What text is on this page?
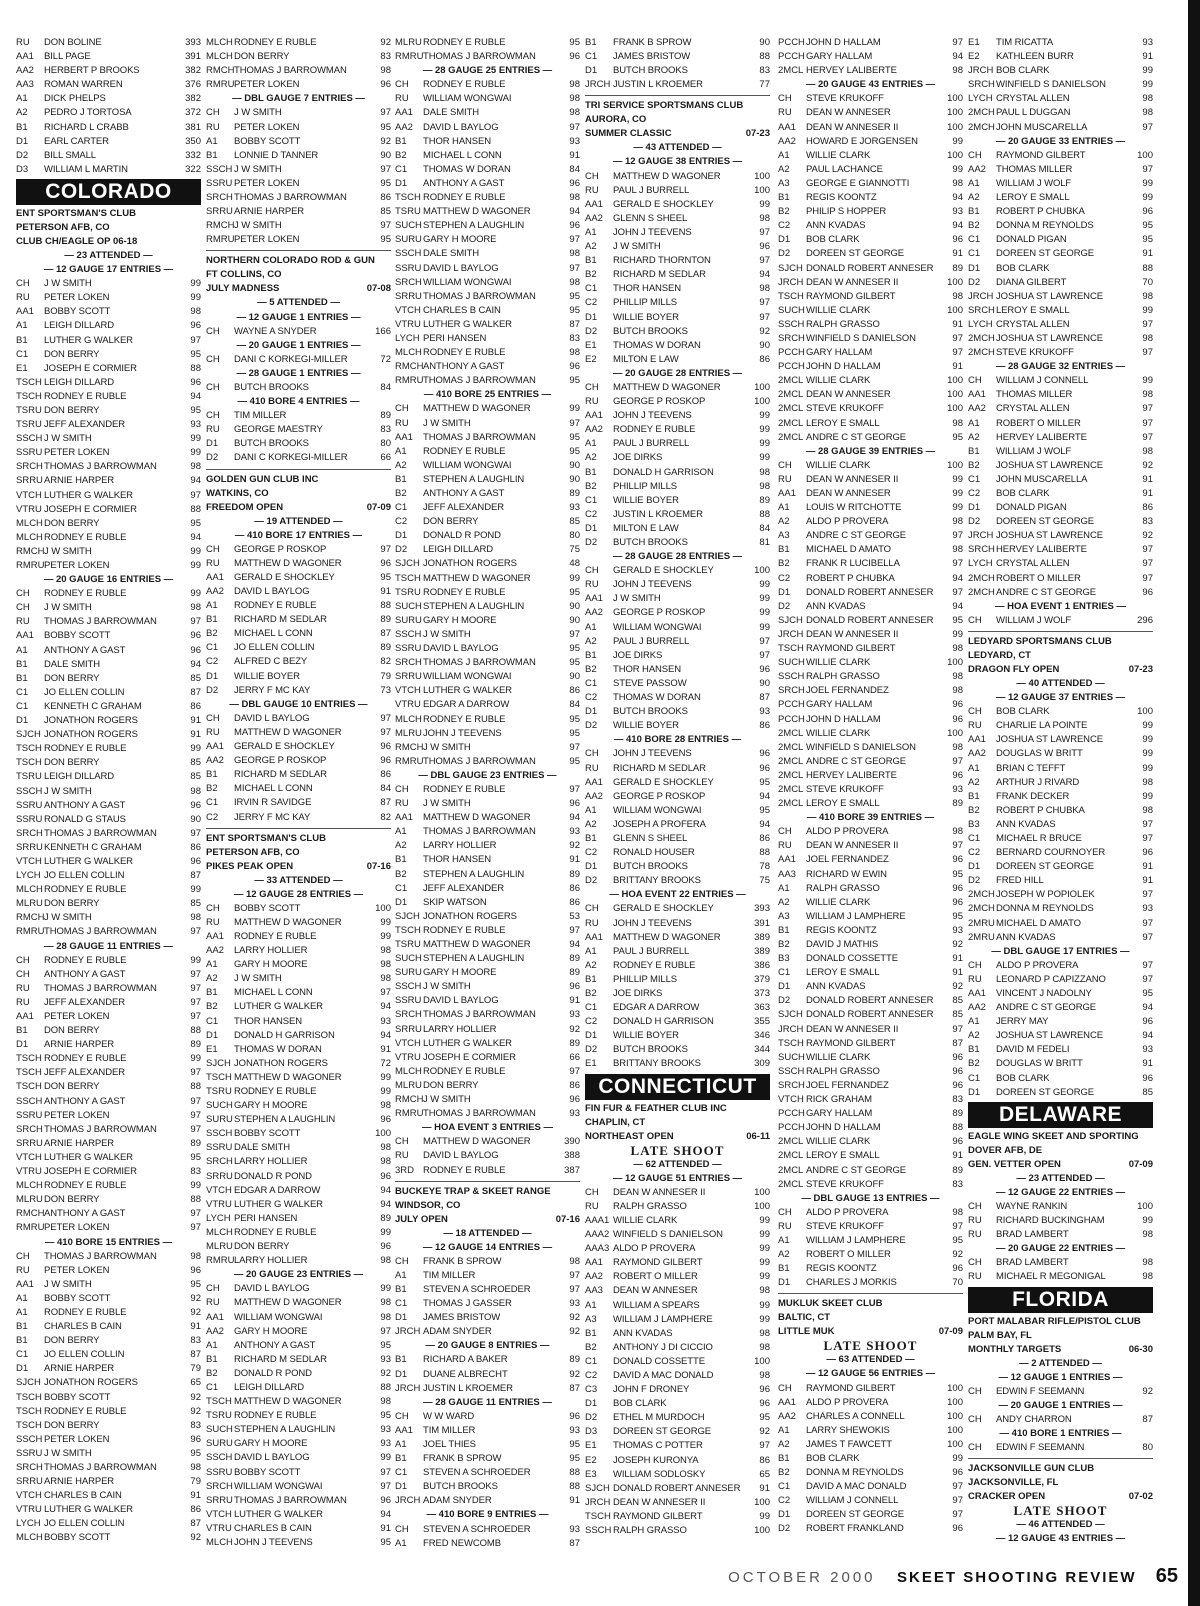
RU	DON BOLINE	393
AA1	BILL PAGE	391
AA2	HERBERT P BROOKS	382
AA3	ROMAN WARREN	376
A1	DICK PHELPS	382
A2	PEDRO J TORTOSA	372
B1	RICHARD L CRABB	381
D1	EARL CARTER	350
D2	BILL SMALL	332
D3	WILLIAM L MARTIN	322
COLORADO
ENT SPORTSMAN'S CLUB
PETERSON AFB, CO
CLUB CH/EAGLE OP 06-18
— 23 ATTENDED —
— 12 GAUGE 17 ENTRIES —
CH	J W SMITH	99
RU	PETER LOKEN	99
AA1	BOBBY SCOTT	98
A1	LEIGH DILLARD	96
B1	LUTHER G WALKER	97
C1	DON BERRY	95
E1	JOSEPH E CORMIER	88
TSCH LEIGH DILLARD	96
TSCH RODNEY E RUBLE	94
TSRU DON BERRY	95
TSRU JEFF ALEXANDER	93
SSCH J W SMITH	99
SSRU PETER LOKEN	99
SRCH THOMAS J BARROWMAN	98
SRRU ARNIE HARPER	94
VTCH LUTHER G WALKER	97
VTRU JOSEPH E CORMIER	88
MLCH DON BERRY	95
MLCH RODNEY E RUBLE	94
RMCH J W SMITH	99
RMRU PETER LOKEN	99
— 20 GAUGE 16 ENTRIES —
CH	RODNEY E RUBLE	99
CH	J W SMITH	98
RU	THOMAS J BARROWMAN	97
AA1	BOBBY SCOTT	96
A1	ANTHONY A GAST	96
B1	DALE SMITH	94
B1	DON BERRY	85
C1	JO ELLEN COLLIN	87
C1	KENNETH C GRAHAM	86
D1	JONATHON ROGERS	91
SJCH JONATHON ROGERS	91
TSCH RODNEY E RUBLE	99
TSCH DON BERRY	85
TSRU LEIGH DILLARD	85
SSCH J W SMITH	98
SSRU ANTHONY A GAST	96
SSRU RONALD G STAUS	90
SRCH THOMAS J BARROWMAN	97
SRRU KENNETH C GRAHAM	86
VTCH LUTHER G WALKER	96
LYCH JO ELLEN COLLIN	87
MLCH RODNEY E RUBLE	99
MLRU DON BERRY	85
RMCH J W SMITH	98
RMRU THOMAS J BARROWMAN	97
— 28 GAUGE 11 ENTRIES —
CH	RODNEY E RUBLE	99
CH	ANTHONY A GAST	97
RU	THOMAS J BARROWMAN	97
RU	JEFF ALEXANDER	97
AA1	PETER LOKEN	97
B1	DON BERRY	88
D1	ARNIE HARPER	89
TSCH RODNEY E RUBLE	99
TSCH JEFF ALEXANDER	97
TSCH DON BERRY	88
SSCH ANTHONY A GAST	97
SSRU PETER LOKEN	97
SRCH THOMAS J BARROWMAN	97
SRRU ARNIE HARPER	89
VTCH LUTHER G WALKER	95
VTRU JOSEPH E CORMIER	83
MLCH RODNEY E RUBLE	99
MLRU DON BERRY	88
RMCH ANTHONY A GAST	97
RMRU PETER LOKEN	97
— 410 BORE 15 ENTRIES —
CH	THOMAS J BARROWMAN	98
RU	PETER LOKEN	96
AA1	J W SMITH	95
A1	BOBBY SCOTT	92
A1	RODNEY E RUBLE	92
B1	CHARLES B CAIN	91
B1	DON BERRY	83
C1	JO ELLEN COLLIN	87
D1	ARNIE HARPER	79
SJCH JONATHON ROGERS	65
TSCH BOBBY SCOTT	92
TSCH RODNEY E RUBLE	92
TSCH DON BERRY	83
SSCH PETER LOKEN	96
SSRU J W SMITH	95
SRCH THOMAS J BARROWMAN	98
SRRU ARNIE HARPER	79
VTCH CHARLES B CAIN	91
VTRU LUTHER G WALKER	86
LYCH JO ELLEN COLLIN	87
MLCH BOBBY SCOTT	92
MLCH RODNEY E RUBLE	92
MLCH DON BERRY	83
RMCH THOMAS J BARROWMAN	98
RMRU PETER LOKEN	96
— DBL GAUGE 7 ENTRIES —
CH	J W SMITH	97
RU	PETER LOKEN	95
A1	BOBBY SCOTT	92
B1	LONNIE D TANNER	90
SSCH J W SMITH	97
SSRU PETER LOKEN	95
SRCH THOMAS J BARROWMAN	86
SRRU ARNIE HARPER	85
RMCH J W SMITH	97
RMRU PETER LOKEN	95
NORTHERN COLORADO ROD & GUN
FT COLLINS, CO
JULY MADNESS	07-08
— 5 ATTENDED —
— 12 GAUGE 1 ENTRIES —
CH	WAYNE A SNYDER	166
— 20 GAUGE 1 ENTRIES —
CH	DANI C KORKEGI-MILLER	72
— 28 GAUGE 1 ENTRIES —
CH	BUTCH BROOKS	84
— 410 BORE 4 ENTRIES —
CH	TIM MILLER	89
RU	GEORGE MAESTRY	83
D1	BUTCH BROOKS	80
D2	DANI C KORKEGI-MILLER	66
GOLDEN GUN CLUB INC
WATKINS, CO
FREEDOM OPEN	07-09
— 19 ATTENDED —
— 410 BORE 17 ENTRIES —
CH	GEORGE P ROSKOP	97
RU	MATTHEW D WAGONER	96
AA1	GERALD E SHOCKLEY	95
AA2	DAVID L BAYLOG	91
A1	RODNEY E RUBLE	88
B1	RICHARD M SEDLAR	89
B2	MICHAEL L CONN	87
C1	JO ELLEN COLLIN	89
C2	ALFRED C BEZY	82
D1	WILLIE BOYER	79
D2	JERRY F MC KAY	73
— DBL GAUGE 10 ENTRIES —
CH	DAVID L BAYLOG	97
RU	MATTHEW D WAGONER	97
AA1	GERALD E SHOCKLEY	96
AA2	GEORGE P ROSKOP	96
B1	RICHARD M SEDLAR	86
B2	MICHAEL L CONN	84
C1	IRVIN R SAVIDGE	87
C2	JERRY F MC KAY	82
ENT SPORTSMAN'S CLUB
PETERSON AFB, CO
PIKES PEAK OPEN	07-16
— 33 ATTENDED —
— 12 GAUGE 28 ENTRIES —
CH	BOBBY SCOTT	100
RU	MATTHEW D WAGONER	99
AA1	RODNEY E RUBLE	99
AA2	LARRY HOLLIER	98
A1	GARY H MOORE	98
A2	J W SMITH	98
B1	MICHAEL L CONN	97
B2	LUTHER G WALKER	94
C1	THOR HANSEN	93
D1	DONALD H GARRISON	94
E1	THOMAS W DORAN	91
SJCH JONATHON ROGERS	72
TSCH MATTHEW D WAGONER	99
TSRU RODNEY E RUBLE	99
SUCH GARY H MOORE	98
SURU STEPHEN A LAUGHLIN	96
SSCH BOBBY SCOTT	100
SSRU DALE SMITH	98
SRCH LARRY HOLLIER	98
SRRU DONALD R POND	96
VTCH EDGAR A DARROW	94
VTRU LUTHER G WALKER	94
LYCH PERI HANSEN	89
MLCH RODNEY E RUBLE	99
MLRU DON BERRY	96
RMRU LARRY HOLLIER	98
— 20 GAUGE 23 ENTRIES —
CH	DAVID L BAYLOG	99
RU	MATTHEW D WAGONER	98
AA1	WILLIAM WONGWAI	98
AA2	GARY H MOORE	97
A1	ANTHONY A GAST	95
B1	RICHARD M SEDLAR	93
B2	DONALD R POND	92
C1	LEIGH DILLARD	88
TSCH MATTHEW D WAGONER	98
TSRU RODNEY E RUBLE	95
SUCH STEPHEN A LAUGHLIN	93
SURU GARY H MOORE	93
SSCH DAVID L BAYLOG	99
SSRU BOBBY SCOTT	97
SRCH WILLIAM WONGWAI	97
SRRU THOMAS J BARROWMAN	96
VTCH LUTHER G WALKER	94
VTRU CHARLES B CAIN	91
MLCH JOHN J TEEVENS	95
MLRU RODNEY E RUBLE	95
RMRU THOMAS J BARROWMAN	96
— 28 GAUGE 25 ENTRIES —
CH	RODNEY E RUBLE	98
RU	WILLIAM WONGWAI	98
AA1	DALE SMITH	98
AA2	DAVID L BAYLOG	97
B1	THOR HANSEN	93
B2	MICHAEL L CONN	91
C1	THOMAS W DORAN	84
D1	ANTHONY A GAST	96
TSCH RODNEY E RUBLE	98
TSRU MATTHEW D WAGONER	94
SUCH STEPHEN A LAUGHLIN	96
SURU GARY H MOORE	97
SSCH DALE SMITH	98
SSRU DAVID L BAYLOG	97
SRCH WILLIAM WONGWAI	98
SRRU THOMAS J BARROWMAN	95
VTCH CHARLES B CAIN	95
VTRU LUTHER G WALKER	87
LYCH PERI HANSEN	83
MLCH RODNEY E RUBLE	98
RMCH ANTHONY A GAST	96
RMRU THOMAS J BARROWMAN	95
— 410 BORE 25 ENTRIES —
CH	MATTHEW D WAGONER	99
RU	J W SMITH	97
AA1	THOMAS J BARROWMAN	95
A1	RODNEY E RUBLE	95
A2	WILLIAM WONGWAI	90
B1	STEPHEN A LAUGHLIN	90
B2	ANTHONY A GAST	89
C1	JEFF ALEXANDER	93
C2	DON BERRY	85
D1	DONALD R POND	80
D2	LEIGH DILLARD	75
SJCH JONATHON ROGERS	48
TSCH MATTHEW D WAGONER	99
TSRU RODNEY E RUBLE	95
SUCH STEPHEN A LAUGHLIN	90
SURU GARY H MOORE	90
SSCH J W SMITH	97
SSRU DAVID L BAYLOG	95
SRCH THOMAS J BARROWMAN	95
SRRU WILLIAM WONGWAI	90
VTCH LUTHER G WALKER	86
VTRU EDGAR A DARROW	84
MLCH RODNEY E RUBLE	95
MLRU JOHN J TEEVENS	95
RMCH J W SMITH	97
RMRU THOMAS J BARROWMAN	95
— DBL GAUGE 23 ENTRIES —
CH	RODNEY E RUBLE	97
RU	J W SMITH	96
AA1	MATTHEW D WAGONER	94
A1	THOMAS J BARROWMAN	93
A2	LARRY HOLLIER	92
B1	THOR HANSEN	91
B2	STEPHEN A LAUGHLIN	89
C1	JEFF ALEXANDER	86
D1	SKIP WATSON	86
SJCH JONATHON ROGERS	53
TSCH RODNEY E RUBLE	97
TSRU MATTHEW D WAGONER	94
SUCH STEPHEN A LAUGHLIN	89
SURU GARY H MOORE	89
SSCH J W SMITH	96
SSRU DAVID L BAYLOG	91
SRCH THOMAS J BARROWMAN	93
SRRU LARRY HOLLIER	92
VTCH LUTHER G WALKER	89
VTRU JOSEPH E CORMIER	66
MLCH RODNEY E RUBLE	97
MLRU DON BERRY	86
RMCH J W SMITH	96
RMRU THOMAS J BARROWMAN	93
— HOA EVENT 3 ENTRIES —
CH	MATTHEW D WAGONER	390
RU	DAVID L BAYLOG	388
3RD RODNEY E RUBLE	387
BUCKEYE TRAP & SKEET RANGE
WINDSOR, CO
JULY OPEN	07-16
— 18 ATTENDED —
— 12 GAUGE 14 ENTRIES —
CH	FRANK B SPROW	98
A1	TIM MILLER	97
B1	STEVEN A SCHROEDER	97
C1	THOMAS J GASSER	93
D1	JAMES BRISTOW	92
JRCH ADAM SNYDER	92
— 20 GAUGE 8 ENTRIES —
B1	RICHARD A BAKER	89
D1	DUANE ALBRECHT	92
JRCH JUSTIN L KROEMER	87
— 28 GAUGE 11 ENTRIES —
CH	W W WARD	96
AA1	TIM MILLER	93
A1	JOEL THIES	95
B1	FRANK B SPROW	95
C1	STEVEN A SCHROEDER	88
D1	BUTCH BROOKS	88
JRCH ADAM SNYDER	91
— 410 BORE 9 ENTRIES —
CH	STEVEN A SCHROEDER	93
A1	FRED NEWCOMB	87
B1	FRANK B SPROW	90
C1	JAMES BRISTOW	88
D1	BUTCH BROOKS	83
JRCH JUSTIN L KROEMER	77
TRI SERVICE SPORTSMANS CLUB
AURORA, CO
SUMMER CLASSIC	07-23
— 43 ATTENDED —
— 12 GAUGE 38 ENTRIES —
CH	MATTHEW D WAGONER	100
RU	PAUL J BURRELL	100
AA1	GERALD E SHOCKLEY	99
AA2	GLENN S SHEEL	98
A1	JOHN J TEEVENS	97
A2	J W SMITH	96
B1	RICHARD THORNTON	97
B2	RICHARD M SEDLAR	94
C1	THOR HANSEN	98
C2	PHILLIP MILLS	97
D1	WILLIE BOYER	97
D2	BUTCH BROOKS	92
E1	THOMAS W DORAN	90
E2	MILTON E LAW	86
— 20 GAUGE 28 ENTRIES —
CH	MATTHEW D WAGONER	100
RU	GEORGE P ROSKOP	100
AA1	JOHN J TEEVENS	99
AA2	RODNEY E RUBLE	99
A1	PAUL J BURRELL	99
A2	JOE DIRKS	99
B1	DONALD H GARRISON	98
B2	PHILLIP MILLS	98
C1	WILLIE BOYER	89
C2	JUSTIN L KROEMER	88
D1	MILTON E LAW	84
D2	BUTCH BROOKS	81
— 28 GAUGE 28 ENTRIES —
CH	GERALD E SHOCKLEY	100
RU	JOHN J TEEVENS	99
AA1	J W SMITH	99
AA2	GEORGE P ROSKOP	99
A1	WILLIAM WONGWAI	99
A2	PAUL J BURRELL	97
B1	JOE DIRKS	97
B2	THOR HANSEN	96
C1	STEVE PASSOW	90
C2	THOMAS W DORAN	87
D1	BUTCH BROOKS	93
D2	WILLIE BOYER	86
— 410 BORE 28 ENTRIES —
CH	JOHN J TEEVENS	96
RU	RICHARD M SEDLAR	96
AA1	GERALD E SHOCKLEY	95
AA2	GEORGE P ROSKOP	94
A1	WILLIAM WONGWAI	95
A2	JOSEPH A PROFERA	94
B1	GLENN S SHEEL	86
C2	RONALD HOUSER	88
D1	BUTCH BROOKS	78
D2	BRITTANY BROOKS	75
— HOA EVENT 22 ENTRIES —
CH	GERALD E SHOCKLEY	393
RU	JOHN J TEEVENS	391
AA1	MATTHEW D WAGONER	389
A1	PAUL J BURRELL	389
A2	RODNEY E RUBLE	386
B1	PHILLIP MILLS	379
B2	JOE DIRKS	373
C1	EDGAR A DARROW	363
C2	DONALD H GARRISON	355
D1	WILLIE BOYER	346
D2	BUTCH BROOKS	344
E1	BRITTANY BROOKS	309
CONNECTICUT
FIN FUR & FEATHER CLUB INC
CHAPLIN, CT
NORTHEAST OPEN	06-11
LATE SHOOT
— 62 ATTENDED —
— 12 GAUGE 51 ENTRIES —
CH	DEAN W ANNESER II	100
RU	RALPH GRASSO	100
AAA1 WILLIE CLARK	99
AAA2 WINFIELD S DANIELSON	99
AAA3 ALDO P PROVERA	99
AA1	RAYMOND GILBERT	99
AA2	ROBERT O MILLER	99
AA3	DEAN W ANNESER	98
A1	WILLIAM A SPEARS	99
A3	WILLIAM J LAMPHERE	99
B1	ANN KVADAS	98
B2	ANTHONY J DI CICCIO	98
C1	DONALD COSSETTE	100
C2	DAVID A MAC DONALD	98
C3	JOHN F DRONEY	96
D1	BOB CLARK	96
D2	ETHEL M MURDOCH	95
D3	DOREEN ST GEORGE	92
E1	THOMAS C POTTER	97
E2	JOSEPH KURONYA	86
E3	WILLIAM SODLOSKY	65
SJCH DONALD ROBERT ANNESER	91
JRCH DEAN W ANNESER II	100
TSCH RAYMOND GILBERT	99
SSCH RALPH GRASSO	100
PCCH JOHN D HALLAM	97
PCCH GARY HALLAM	94
2MCL HERVEY LALIBERTE	98
— 20 GAUGE 43 ENTRIES —
CH	STEVE KRUKOFF	100
RU	DEAN W ANNESER	100
AA1	DEAN W ANNESER II	100
AA2	HOWARD E JORGENSEN	99
A1	WILLIE CLARK	100
A2	PAUL LACHANCE	99
A3	GEORGE E GIANNOTTI	98
B1	REGIS KOONTZ	94
B2	PHILIP S HOPPER	93
C2	ANN KVADAS	94
D1	BOB CLARK	96
D2	DOREEN ST GEORGE	91
SJCH DONALD ROBERT ANNESER	89
JRCH DEAN W ANNESER II	100
TSCH RAYMOND GILBERT	98
SUCH WILLIE CLARK	100
SSCH RALPH GRASSO	91
SRCH WINFIELD S DANIELSON	97
PCCH GARY HALLAM	97
PCCH JOHN D HALLAM	91
2MCL WILLIE CLARK	100
2MCL DEAN W ANNESER	100
2MCL STEVE KRUKOFF	100
2MCL LEROY E SMALL	98
2MCL ANDRE C ST GEORGE	95
— 28 GAUGE 39 ENTRIES —
CH	WILLIE CLARK	100
RU	DEAN W ANNESER II	99
AA1	DEAN W ANNESER	99
A1	LOUIS W RITCHOTTE	99
A2	ALDO P PROVERA	98
A3	ANDRE C ST GEORGE	97
B1	MICHAEL D AMATO	98
B2	FRANK R LUCIBELLA	97
C2	ROBERT P CHUBKA	94
D1	DONALD ROBERT ANNESER	97
D2	ANN KVADAS	94
SJCH DONALD ROBERT ANNESER	95
JRCH DEAN W ANNESER II	99
TSCH RAYMOND GILBERT	98
SUCH WILLIE CLARK	100
SSCH RALPH GRASSO	98
SRCH JOEL FERNANDEZ	98
PCCH GARY HALLAM	96
PCCH JOHN D HALLAM	96
2MCL WILLIE CLARK	100
2MCL WINFIELD S DANIELSON	98
2MCL ANDRE C ST GEORGE	97
2MCL HERVEY LALIBERTE	96
2MCL STEVE KRUKOFF	93
2MCL LEROY E SMALL	89
— 410 BORE 39 ENTRIES —
CH	ALDO P PROVERA	98
RU	DEAN W ANNESER II	97
AA1	JOEL FERNANDEZ	96
AA3	RICHARD W EWIN	95
A1	RALPH GRASSO	96
A2	WILLIE CLARK	96
A3	WILLIAM J LAMPHERE	95
B1	REGIS KOONTZ	93
B2	DAVID J MATHIS	92
B3	DONALD COSSETTE	91
C1	LEROY E SMALL	91
D1	ANN KVADAS	92
D2	DONALD ROBERT ANNESER	85
SJCH DONALD ROBERT ANNESER	85
JRCH DEAN W ANNESER II	97
TSCH RAYMOND GILBERT	87
SUCH WILLIE CLARK	96
SSCH RALPH GRASSO	96
SRCH JOEL FERNANDEZ	96
VTCH RICK GRAHAM	83
PCCH GARY HALLAM	89
PCCH JOHN D HALLAM	88
2MCL WILLIE CLARK	96
2MCL LEROY E SMALL	91
2MCL ANDRE C ST GEORGE	89
2MCL STEVE KRUKOFF	83
— DBL GAUGE 13 ENTRIES —
CH	ALDO P PROVERA	98
RU	STEVE KRUKOFF	97
A1	WILLIAM J LAMPHERE	95
A2	ROBERT O MILLER	92
B1	REGIS KOONTZ	96
D1	CHARLES J MORKIS	70
MUKLUK SKEET CLUB
BALTIC, CT
LITTLE MUK	07-09
LATE SHOOT
— 63 ATTENDED —
— 12 GAUGE 56 ENTRIES —
CH	RAYMOND GILBERT	100
AA1	ALDO P PROVERA	100
AA2	CHARLES A CONNELL	100
A1	LARRY SHEWOKIS	100
A2	JAMES T FAWCETT	100
B1	BOB CLARK	99
B2	DONNA M REYNOLDS	96
C1	DAVID A MAC DONALD	97
C2	WILLIAM J CONNELL	97
D1	DOREEN ST GEORGE	97
D2	ROBERT FRANKLAND	96
E1	TIM RICATTA	93
E2	KATHLEEN BURR	91
JRCH BOB CLARK	99
SRCH WINFIELD S DANIELSON	99
LYCH CRYSTAL ALLEN	98
2MCH PAUL L DUGGAN	98
2MCH JOHN MUSCARELLA	97
— 20 GAUGE 33 ENTRIES —
CH	RAYMOND GILBERT	100
AA2	THOMAS MILLER	97
A1	WILLIAM J WOLF	99
A2	LEROY E SMALL	99
B1	ROBERT P CHUBKA	96
B2	DONNA M REYNOLDS	95
C1	DONALD PIGAN	95
C1	DOREEN ST GEORGE	91
D1	BOB CLARK	88
D2	DIANA GILBERT	70
JRCH JOSHUA ST LAWRENCE	98
SRCH LEROY E SMALL	99
LYCH CRYSTAL ALLEN	97
2MCH JOSHUA ST LAWRENCE	98
2MCH STEVE KRUKOFF	97
— 28 GAUGE 32 ENTRIES —
CH	WILLIAM J CONNELL	99
AA1	THOMAS MILLER	98
AA2	CRYSTAL ALLEN	97
A1	ROBERT O MILLER	97
A2	HERVEY LALIBERTE	97
B1	WILLIAM J WOLF	98
B2	JOSHUA ST LAWRENCE	92
C1	JOHN MUSCARELLA	91
C2	BOB CLARK	91
D1	DONALD PIGAN	86
D2	DOREEN ST GEORGE	83
JRCH JOSHUA ST LAWRENCE	92
SRCH HERVEY LALIBERTE	97
LYCH CRYSTAL ALLEN	97
2MCH ROBERT O MILLER	97
2MCH ANDRE C ST GEORGE	96
— HOA EVENT 1 ENTRIES —
CH	WILLIAM J WOLF	296
LEDYARD SPORTSMANS CLUB
LEDYARD, CT
DRAGON FLY OPEN	07-23
— 40 ATTENDED —
— 12 GAUGE 37 ENTRIES —
CH	BOB CLARK	100
RU	CHARLIE LA POINTE	99
AA1	JOSHUA ST LAWRENCE	99
AA2	DOUGLAS W BRITT	99
A1	BRIAN C TEFFT	99
A2	ARTHUR J RIVARD	98
B1	FRANK DECKER	99
B2	ROBERT P CHUBKA	98
B3	ANN KVADAS	97
C1	MICHAEL R BRUCE	97
C2	BERNARD COURNOYER	96
D1	DOREEN ST GEORGE	91
D2	FRED HILL	91
2MCH JOSEPH W POPIOLEK	97
2MCH DONNA M REYNOLDS	93
2MRU MICHAEL D AMATO	97
2MRU ANN KVADAS	97
— DBL GAUGE 17 ENTRIES —
CH	ALDO P PROVERA	97
RU	LEONARD P CAPIZZANO	97
AA1	VINCENT J NADOLNY	95
AA2	ANDRE C ST GEORGE	94
A1	JERRY MAY	96
A2	JOSHUA ST LAWRENCE	94
B1	DAVID M FEDELI	93
B2	DOUGLAS W BRITT	91
C1	BOB CLARK	96
D1	DOREEN ST GEORGE	85
DELAWARE
EAGLE WING SKEET AND SPORTING
DOVER AFB, DE
GEN. VETTER OPEN	07-09
— 23 ATTENDED —
— 12 GAUGE 22 ENTRIES —
CH	WAYNE RANKIN	100
RU	RICHARD BUCKINGHAM	99
RU	BRAD LAMBERT	98
— 20 GAUGE 22 ENTRIES —
CH	BRAD LAMBERT	98
RU	MICHAEL R MEGONIGAL	98
FLORIDA
PORT MALABAR RIFLE/PISTOL CLUB
PALM BAY, FL
MONTHLY TARGETS	06-30
— 2 ATTENDED —
— 12 GAUGE 1 ENTRIES —
CH	EDWIN F SEEMANN	92
— 20 GAUGE 1 ENTRIES —
CH	ANDY CHARRON	87
— 410 BORE 1 ENTRIES —
CH	EDWIN F SEEMANN	80
JACKSONVILLE GUN CLUB
JACKSONVILLE, FL
CRACKER OPEN	07-02
LATE SHOOT
— 46 ATTENDED —
— 12 GAUGE 43 ENTRIES —
OCTOBER 2000 SKEET SHOOTING REVIEW 65
